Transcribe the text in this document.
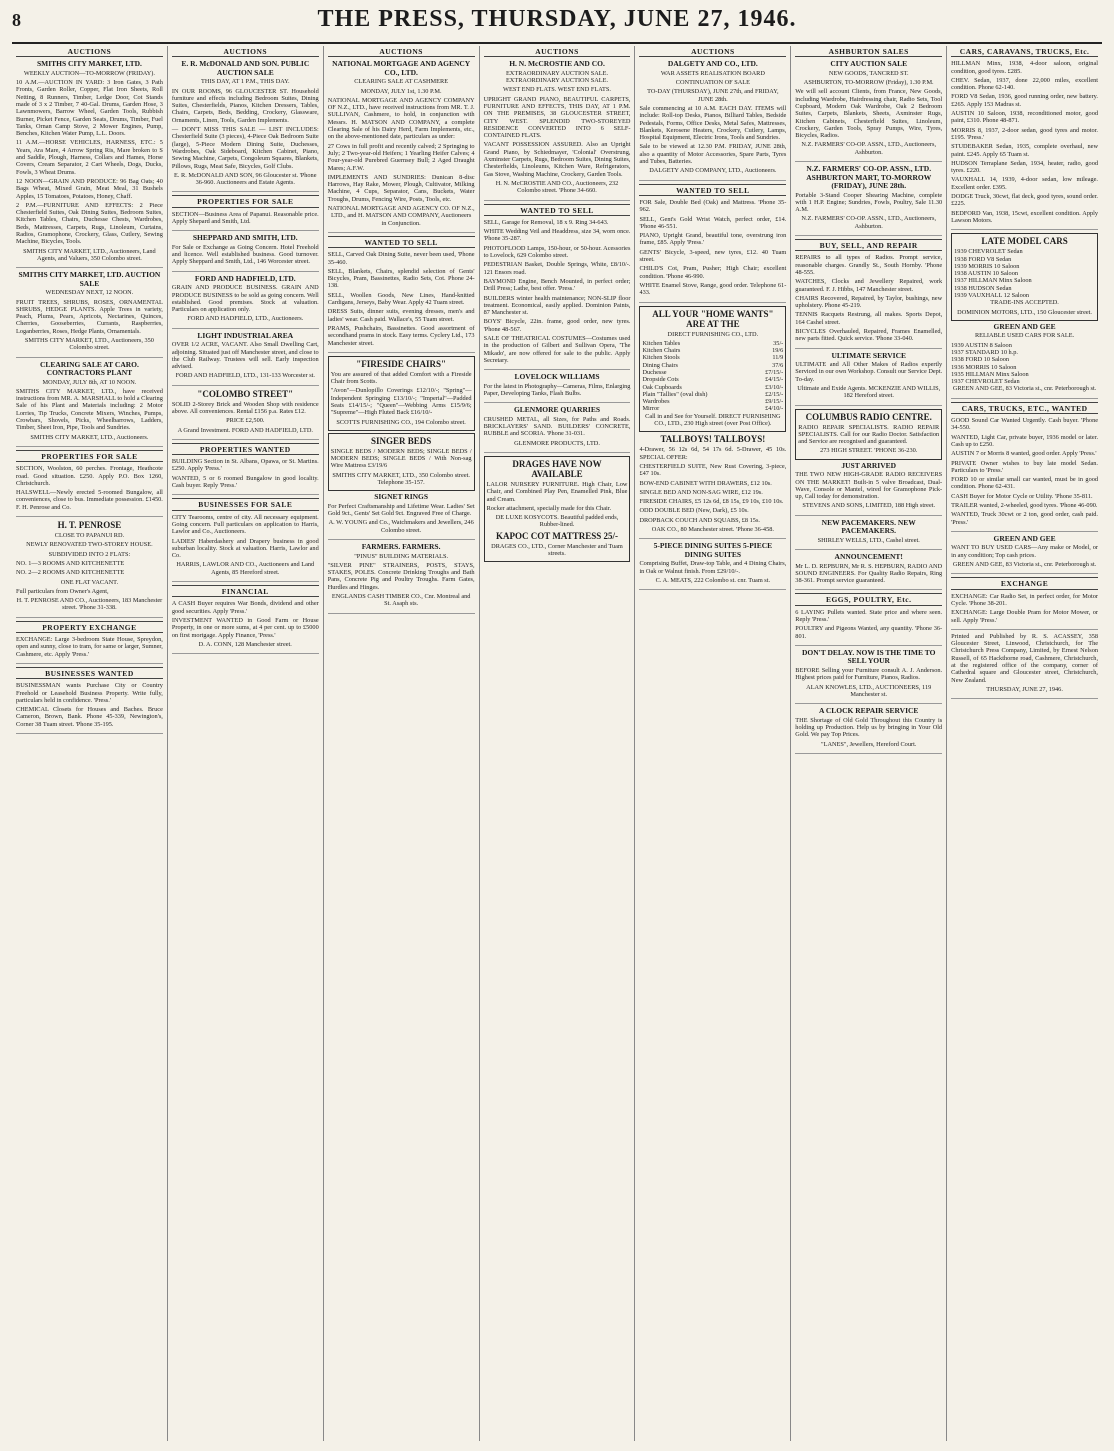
8	THE PRESS, THURSDAY, JUNE 27, 1946.
AUCTIONS
SMITHS CITY MARKET, LTD.

WEEKLY AUCTION—TO-MORROW (FRIDAY).

10 A.M.—AUCTION IN YARD: 3 Iron Gates, 3 Path Fronts, Garden Roller, Copper, Flat Iron Sheets, Roll Netting, 8 Runners, Timber, Ledge Door, Cot Stands made of 3 x 2 Timber, 7 40-Gal. Drums, Garden Hose, 3 Lawnmowers, Barrow Wheel, Garden Tools, Rubbish Burner, Picket Fence, Garden Seats, Drums, Timber, Fuel Tanks, Ornan Camp Stove, 2 Mower Engines, Pump, Benches, Kitchen Water Pump, L.L. Doors.

11 A.M.—HORSE VEHICLES, HARNESS, ETC.: 5 Years, Ara Mare, 4 Arrow Spring Ris, Mare broken to S and Saddle, Plough, Harness, Collars and Hames, Horse Covers, Cream Separator, 2 Cart Wheels, Dogs, Ducks, Fowls, 3 Wheat Drums.

12 NOON—GRAIN AND PRODUCE: 96 Bag Oats; 40 Bags Wheat, Mixed Grain, Meat Meal, 31 Bushels Apples, 15 Tomatoes, Potatoes, Honey, Chaff.

2 P.M.—FURNITURE AND EFFECTS: 2 Piece Chesterfield Suites, Oak Dining Suites, Bedroom Suites, Kitchen Tables, Chairs, Duchesse Chests, Wardrobes, Beds, Mattresses, Carpets, Rugs, Linoleum, Curtains, Radios, Gramophone, Crockery, Glass, Cutlery, Sewing Machine, Bicycles, Tools.

SMITHS CITY MARKET, LTD., Auctioneers, Land Agents, and Valuers, 350 Colombo street.

SMITHS CITY MARKET, LTD. AUCTION SALE

WEDNESDAY NEXT, 12 NOON.

FRUIT TREES, SHRUBS, ROSES, ORNAMENTAL SHRUBS, HEDGE PLANTS. Apple Trees in variety, Peach, Plums, Pears, Apricots, Nectarines, Quinces, Cherries, Gooseberries, Currants, Raspberries, Loganberries, Roses, Hedge Plants, Ornamentals.

SMITHS CITY MARKET, LTD., Auctioneers, 350 Colombo street.

CLEARING SALE AT CARO. CONTRACTORS PLANT

MONDAY, JULY 8th, AT 10 NOON.

SMITHS CITY MARKET, LTD., have received instructions from MR. A. MARSHALL to hold a Clearing Sale of his Plant and Materials including: 2 Motor Lorries, Tip Trucks, Concrete Mixers, Winches, Pumps, Crowbars, Shovels, Picks, Wheelbarrows, Ladders, Timber, Sheet Iron, Pipe, Tools and Sundries.

SMITHS CITY MARKET, LTD., Auctioneers.

PROPERTIES FOR SALE

SECTION, Woolston, 60 perches. Frontage, Heathcote road. Good situation. £250. Apply P.O. Box 1260, Christchurch.

HALSWELL—Newly erected 5-roomed Bungalow, all conveniences, close to bus. Immediate possession. £1450. F. H. Penrose and Co.

H. T. PENROSE

CLOSE TO PAPANUI RD.

NEWLY RENOVATED TWO-STOREY HOUSE.

SUBDIVIDED INTO 2 FLATS:

NO. 1—3 ROOMS AND KITCHENETTE

NO. 2—2 ROOMS AND KITCHENETTE

ONE FLAT VACANT.

Full particulars from Owner's Agent,

H. T. PENROSE AND CO., Auctioneers, 183 Manchester street. 'Phone 31-338.

PROPERTY EXCHANGE

EXCHANGE: Large 3-bedroom State House, Spreydon, open and sunny, close to tram, for same or larger, Sumner, Cashmere, etc. Apply 'Press.'

BUSINESSES WANTED

BUSINESSMAN wants Purchase City or Country Freehold or Leasehold Business Property. Write fully, particulars held in confidence. 'Press.'

CHEMICAL Closets for Houses and Baches. Bruce Cameron, Brown, Bank. Phone 45-339, Newington's, Corner 38 Tuam street. 'Phone 35-195.

AUCTIONS
E. R. McDONALD AND SON. PUBLIC AUCTION SALE

THIS DAY, AT 1 P.M., THIS DAY.

IN OUR ROOMS, 96 GLOUCESTER ST. Household furniture and effects including Bedroom Suites, Dining Suites, Chesterfields, Pianos, Kitchen Dressers, Tables, Chairs, Carpets, Beds, Bedding, Crockery, Glassware, Ornaments, Linen, Tools, Garden Implements.

— DON'T MISS THIS SALE — LIST INCLUDES: Chesterfield Suite (3 pieces), 4-Piece Oak Bedroom Suite (large), 5-Piece Modern Dining Suite, Duchesses, Wardrobes, Oak Sideboard, Kitchen Cabinet, Piano, Sewing Machine, Carpets, Congoleum Squares, Blankets, Pillows, Rugs, Meat Safe, Bicycles, Golf Clubs.

E. R. McDONALD AND SON, 96 Gloucester st. 'Phone 36-960. Auctioneers and Estate Agents.

PROPERTIES FOR SALE

SECTION—Business Area of Papanui. Reasonable price. Apply Shepard and Smith, Ltd.

SHEPPARD AND SMITH, LTD.

For Sale or Exchange as Going Concern. Hotel Freehold and licence. Well established business. Good turnover. Apply Sheppard and Smith, Ltd., 146 Worcester street.

FORD AND HADFIELD, LTD.

GRAIN AND PRODUCE BUSINESS. GRAIN AND PRODUCE BUSINESS to be sold as going concern. Well established. Good premises. Stock at valuation. Particulars on application only.

FORD AND HADFIELD, LTD., Auctioneers.

LIGHT INDUSTRIAL AREA

OVER 1/2 ACRE, VACANT. Also Small Dwelling Cart, adjoining. Situated just off Manchester street, and close to the Club Railway. Trustees will sell. Early inspection advised.

FORD AND HADFIELD, LTD., 131-133 Worcester st.

"COLOMBO STREET"

SOLID 2-Storey Brick and Wooden Shop with residence above. All conveniences. Rental £156 p.a. Rates £12.

PRICE £2,500.

A Grand Investment. FORD AND HADFIELD, LTD.

PROPERTIES WANTED

BUILDING Section in St. Albans, Opawa, or St. Martins. £250. Apply 'Press.'

WANTED, 5 or 6 roomed Bungalow in good locality. Cash buyer. Reply 'Press.'

BUSINESSES FOR SALE

CITY Tearooms, centre of city. All necessary equipment. Going concern. Full particulars on application to Harris, Lawlor and Co., Auctioneers.

LADIES' Haberdashery and Drapery business in good suburban locality. Stock at valuation. Harris, Lawlor and Co.

HARRIS, LAWLOR AND CO., Auctioneers and Land Agents, 85 Hereford street.

FINANCIAL

A CASH Buyer requires War Bonds, dividend and other good securities. Apply 'Press.'

INVESTMENT WANTED in Good Farm or House Property, in one or more sums, at 4 per cent. up to £5000 on first mortgage. Apply Finance, 'Press.'

D. A. CONN, 128 Manchester street.

AUCTIONS
NATIONAL MORTGAGE AND AGENCY CO., LTD.

CLEARING SALE AT CASHMERE

MONDAY, JULY 1st, 1.30 P.M.

NATIONAL MORTGAGE AND AGENCY COMPANY OF N.Z., LTD., have received instructions from MR. T. J. SULLIVAN, Cashmere, to hold, in conjunction with Messrs. H. MATSON AND COMPANY, a complete Clearing Sale of his Dairy Herd, Farm Implements, etc., on the above-mentioned date, particulars as under:

27 Cows in full profit and recently calved; 2 Springing to July; 2 Two-year-old Heifers; 1 Yearling Heifer Calves; 4 Four-year-old Purebred Guernsey Bull; 2 Aged Draught Mares; A.F.W.

IMPLEMENTS AND SUNDRIES: Dunican 8-disc Harrows, Hay Rake, Mower, Plough, Cultivator, Milking Machine, 4 Cups, Separator, Cans, Buckets, Water Troughs, Drums, Fencing Wire, Posts, Tools, etc.

NATIONAL MORTGAGE AND AGENCY CO. OF N.Z., LTD., and H. MATSON AND COMPANY, Auctioneers in Conjunction.

WANTED TO SELL

SELL, Carved Oak Dining Suite, never been used, 'Phone 35-460.

SELL, Blankets, Chairs, splendid selection of Gents' Bicycles, Pram, Bassinettes, Radio Sets, Cot. Phone 24-138.

SELL, Woollen Goods, New Lines, Hand-knitted Cardigans, Jerseys, Baby Wear. Apply 42 Tuam street.

DRESS Suits, dinner suits, evening dresses, men's and ladies' wear. Cash paid. Wallace's, 55 Tuam street.

PRAMS, Pushchairs, Bassinettes. Good assortment of secondhand prams in stock. Easy terms. Cyclery Ltd., 173 Manchester street.

"FIRESIDE CHAIRS"

You are assured of that added Comfort with a Fireside Chair from Scotts.

"Avon"—Dunlopillo Coverings £12/10/-; "Spring"—Independent Springing £13/10/-; "Imperial"—Padded Seats £14/15/-; "Queen"—Webbing Arms £15/9/6; "Supreme"—High Fluted Back £16/10/-

SCOTTS FURNISHING CO., 194 Colombo street.

SINGER BEDS

SINGLE BEDS / MODERN BEDS; SINGLE BEDS / MODERN BEDS; SINGLE BEDS / With Non-sag Wire Mattress £3/19/6

SMITHS CITY MARKET, LTD., 350 Colombo street. Telephone 35-157.

SIGNET RINGS

For Perfect Craftsmanship and Lifetime Wear. Ladies' Set Gold 9ct., Gents' Set Gold 9ct. Engraved Free of Charge.

A. W. YOUNG and Co., Watchmakers and Jewellers, 246 Colombo street.

FARMERS. FARMERS.

"PINUS" BUILDING MATERIALS.

"SILVER PINE" STRAINERS, POSTS, STAYS, STAKES, POLES. Concrete Drinking Troughs and Bath Pans, Concrete Pig and Poultry Troughs. Farm Gates, Hurdles and Hinges.

ENGLANDS CASH TIMBER CO., Cnr. Montreal and St. Asaph sts.

AUCTIONS
H. N. McCROSTIE AND CO.

EXTRAORDINARY AUCTION SALE. EXTRAORDINARY AUCTION SALE.

WEST END FLATS. WEST END FLATS.

UPRIGHT GRAND PIANO, BEAUTIFUL CARPETS, FURNITURE AND EFFECTS, THIS DAY, AT 1 P.M. ON THE PREMISES, 38 GLOUCESTER STREET, CITY WEST. SPLENDID TWO-STOREYED RESIDENCE CONVERTED INTO 6 SELF-CONTAINED FLATS.

VACANT POSSESSION ASSURED. Also an Upright Grand Piano, by Schiedmayer, 'Colonial' Overstrung, Axminster Carpets, Rugs, Bedroom Suites, Dining Suites, Chesterfields, Linoleums, Kitchen Ware, Refrigerators, Gas Stove, Washing Machine, Crockery, Garden Tools.

H. N. McCROSTIE AND CO., Auctioneers, 232 Colombo street. 'Phone 34-660.

WANTED TO SELL

SELL, Garage for Removal, 18 x 9. Ring 34-643.

WHITE Wedding Veil and Headdress, size 34, worn once. 'Phone 35-287.

PHOTOFLOOD Lamps, 150-hour, or 50-hour. Acessories to Lovelock, 629 Colombo street.

PEDESTRIAN Basket, Double Springs, White, £8/10/-. 121 Ensors road.

BAYMOND Engine, Bench Mounted, in perfect order; Drill Press; Lathe, best offer. 'Press.'

BUILDERS winter health maintenance; NON-SLIP floor treatment. Economical, easily applied. Dominion Paints, 87 Manchester st.

BOYS' Bicycle, 22in. frame, good order, new tyres. 'Phone 48-567.

SALE OF THEATRICAL COSTUMES—Costumes used in the production of Gilbert and Sullivan Opera, 'The Mikado', are now offered for sale to the public. Apply Secretary.

LOVELOCK WILLIAMS

For the latest in Photography—Cameras, Films, Enlarging Paper, Developing Tanks, Flash Bulbs.

GLENMORE QUARRIES

CRUSHED METAL, all Sizes, for Paths and Roads. BRICKLAYERS' SAND. BUILDERS' CONCRETE, RUBBLE and SCORIA. 'Phone 31-031.

GLENMORE PRODUCTS, LTD.

DRAGES HAVE NOW AVAILABLE

LALOR NURSERY FURNITURE. High Chair, Low Chair, and Combined Play Pen, Enamelled Pink, Blue and Cream.

Rocker attachment, specially made for this Chair.

DE LUXE KOSYCOTS. Beautiful padded ends, Rubber-lined.

KAPOC COT MATTRESS 25/-

DRAGES CO., LTD., Corner Manchester and Tuam streets.

AUCTIONS
DALGETY AND CO., LTD.

WAR ASSETS REALISATION BOARD

CONTINUATION OF SALE

TO-DAY (THURSDAY), JUNE 27th, and FRIDAY, JUNE 28th.

Sale commencing at 10 A.M. EACH DAY. ITEMS will include: Roll-top Desks, Pianos, Billiard Tables, Bedside Pedestals, Forms, Office Desks, Metal Safes, Mattresses, Blankets, Kerosene Heaters, Crockery, Cutlery, Lamps, Hospital Equipment, Electric Irons, Tools and Sundries.

Sale to be viewed at 12.30 P.M. FRIDAY, JUNE 28th, also a quantity of Motor Accessories, Spare Parts, Tyres and Tubes, Batteries.

DALGETY AND COMPANY, LTD., Auctioneers.

WANTED TO SELL

FOR Sale, Double Bed (Oak) and Mattress. 'Phone 35-962.

SELL, Gent's Gold Wrist Watch, perfect order, £14. 'Phone 46-551.

PIANO, Upright Grand, beautiful tone, overstrung iron frame, £85. Apply 'Press.'

GENTS' Bicycle, 3-speed, new tyres, £12. 40 Tuam street.

CHILD'S Cot, Pram, Pusher; High Chair; excellent condition. 'Phone 46-990.

WHITE Enamel Stove, Range, good order. Telephone 61-433.

ALL YOUR "HOME WANTS" ARE AT THE

DIRECT FURNISHING CO., LTD.

Kitchen Tables	35/-
Kitchen Chairs	19/6
Kitchen Stools	11/9
Dining Chairs	37/6
Duchesse	£7/15/-
Dropside Cots	£4/15/-
Oak Cupboards	£3/10/-
Plain "Tallies" (oval dish)	£2/15/-
Wardrobes	£9/15/-
Mirror	£4/10/-

Call in and See for Yourself. DIRECT FURNISHING CO., LTD., 230 High street (over Post Office).

TALLBOYS! TALLBOYS!

4-Drawer, 56 12s 6d, 54 17s 6d. 5-Drawer, 45 10s. SPECIAL OFFER:

CHESTERFIELD SUITE, New Rust Covering, 3-piece, £47 10s.

BOW-END CABINET WITH DRAWERS, £12 10s.

SINGLE BED AND NON-SAG WIRE, £12 19s.

FIRESIDE CHAIRS, £5 12s 6d, £8 15s, £9 10s, £10 10s.

ODD DOUBLE BED (New, Dark), £5 10s.

DROPBACK COUCH AND SQUABS, £8 15s.

OAK CO., 80 Manchester street. 'Phone 36-458.

5-PIECE DINING SUITES 5-PIECE DINING SUITES

Comprising Buffet, Draw-top Table, and 4 Dining Chairs, in Oak or Walnut finish. From £29/10/-.

C. A. MEATS, 222 Colombo st. cnr. Tuam st.

ASHBURTON SALES
CITY AUCTION SALE

NEW GOODS, TANCRED ST.

ASHBURTON, TO-MORROW (Friday), 1.30 P.M.

We will sell account Clients, from France, New Goods, including Wardrobe, Hairdressing chair, Radio Sets, Tool Cupboard, Modern Oak Wardrobe, Oak 2 Bedroom Suites, Carpets, Blankets, Sheets, Axminster Rugs, Kitchen Cabinets, Chesterfield Suites, Linoleum, Crockery, Garden Tools, Spray Pumps, Wire, Tyres, Bicycles, Radios.

N.Z. FARMERS' CO-OP. ASSN., LTD., Auctioneers, Ashburton.

N.Z. FARMERS' CO-OP. ASSN., LTD. ASHBURTON MART, TO-MORROW (FRIDAY), JUNE 28th.

Portable 3-Stand Cooper Shearing Machine, complete with 1 H.P. Engine; Sundries, Fowls, Poultry, Sale 11.30 A.M.

N.Z. FARMERS' CO-OP. ASSN., LTD., Auctioneers, Ashburton.

BUY, SELL, AND REPAIR

REPAIRS to all types of Radios. Prompt service, reasonable charges. Grandly St., South Hornby. 'Phone 48-555.

WATCHES, Clocks and Jewellery Repaired, work guaranteed. F. J. Hibbs, 147 Manchester street.

CHAIRS Recovered, Repaired, by Taylor, bushings, new upholstery. Phone 45-219.

TENNIS Racquets Restrung, all makes. Sports Depot, 164 Cashel street.

BICYCLES Overhauled, Repaired, Frames Enamelled, new parts fitted. Quick service. 'Phone 33-040.

ULTIMATE SERVICE

ULTIMATE and All Other Makes of Radios expertly Serviced in our own Workshop. Consult our Service Dept. To-day.

Ultimate and Exide Agents. MCKENZIE AND WILLIS, 182 Hereford street.

COLUMBUS RADIO CENTRE.

RADIO REPAIR SPECIALISTS. RADIO REPAIR SPECIALISTS. Call for our Radio Doctor. Satisfaction and Service are recognised and guaranteed.

273 HIGH STREET. 'PHONE 36-230.

JUST ARRIVED

THE TWO NEW HIGH-GRADE RADIO RECEIVERS ON THE MARKET! Built-in 5 valve Broadcast, Dual-Wave, Console or Mantel, wired for Gramophone Pick-up, Call today for demonstration.

STEVENS AND SONS, LIMITED, 188 High street.

NEW PACEMAKERS. NEW PACEMAKERS.

SHIRLEY WELLS, LTD., Cashel street.

ANNOUNCEMENT!

Mr L. D. REPBURN, Mr R. S. HEPBURN, RADIO AND SOUND ENGINEERS. For Quality Radio Repairs, Ring 38-361. Prompt service guaranteed.

EGGS, POULTRY, Etc.

6 LAYING Pullets wanted. State price and where seen. Reply 'Press.'

POULTRY and Pigeons Wanted, any quantity. 'Phone 36-801.

DON'T DELAY. NOW IS THE TIME TO SELL YOUR

BEFORE Selling your Furniture consult A. J. Anderson. Highest prices paid for Furniture, Pianos, Radios.

ALAN KNOWLES, LTD., AUCTIONEERS, 119 Manchester st.

A CLOCK REPAIR SERVICE

THE Shortage of Old Gold Throughout this Country is holding up Production. Help us by bringing in Your Old Gold. We pay Top Prices.

"LANES", Jewellers, Hereford Court.

CARS, CARAVANS, TRUCKS, Etc.

HILLMAN Minx, 1938, 4-door saloon, original condition, good tyres. £285.

CHEV. Sedan, 1937, done 22,000 miles, excellent condition. Phone 62-140.

FORD V8 Sedan, 1936, good running order, new battery. £265. Apply 153 Madras st.

AUSTIN 10 Saloon, 1938, reconditioned motor, good paint, £310. Phone 48-871.

MORRIS 8, 1937, 2-door sedan, good tyres and motor. £195. 'Press.'

STUDEBAKER Sedan, 1935, complete overhaul, new paint. £245. Apply 65 Tuam st.

HUDSON Terraplane Sedan, 1934, heater, radio, good tyres. £220.

VAUXHALL 14, 1939, 4-door sedan, low mileage. Excellent order. £395.

DODGE Truck, 30cwt, flat deck, good tyres, sound order. £225.

BEDFORD Van, 1938, 15cwt, excellent condition. Apply Lawson Motors.

LATE MODEL CARS

1939 CHEVROLET Sedan
1938 FORD V8 Sedan
1939 MORRIS 10 Saloon
1938 AUSTIN 10 Saloon
1937 HILLMAN Minx Saloon
1938 HUDSON Sedan
1939 VAUXHALL 12 Saloon

TRADE-INS ACCEPTED.

DOMINION MOTORS, LTD., 150 Gloucester street.

GREEN AND GEE

RELIABLE USED CARS FOR SALE.

1939 AUSTIN 8 Saloon
1937 STANDARD 10 h.p.
1938 FORD 10 Saloon
1936 MORRIS 10 Saloon
1935 HILLMAN Minx Saloon
1937 CHEVROLET Sedan

GREEN AND GEE, 83 Victoria st., cnr. Peterborough st.

CARS, TRUCKS, ETC., WANTED

GOOD Sound Car Wanted Urgently. Cash buyer. 'Phone 34-550.

WANTED, Light Car, private buyer, 1936 model or later. Cash up to £250.

AUSTIN 7 or Morris 8 wanted, good order. Apply 'Press.'

PRIVATE Owner wishes to buy late model Sedan. Particulars to 'Press.'

FORD 10 or similar small car wanted, must be in good condition. Phone 62-431.

CASH Buyer for Motor Cycle or Utility. 'Phone 35-811.

TRAILER wanted, 2-wheeled, good tyres. 'Phone 46-090.

WANTED, Truck 30cwt or 2 ton, good order, cash paid. 'Press.'

GREEN AND GEE

WANT TO BUY USED CARS—Any make or Model, or in any condition; Top cash prices.

GREEN AND GEE, 83 Victoria st., cnr. Peterborough st.

EXCHANGE

EXCHANGE: Car Radio Set, in perfect order, for Motor Cycle. 'Phone 38-201.

EXCHANGE: Large Double Pram for Motor Mower, or sell. Apply 'Press.'

Printed and Published by R. S. ACASSEY, 358 Gloucester Street, Linwood, Christchurch, for The Christchurch Press Company, Limited, by Ernest Nelson Russell, of 65 Hackthorne road, Cashmere, Christchurch, at the registered office of the company, corner of Cathedral square and Gloucester street, Christchurch, New Zealand.

THURSDAY, JUNE 27, 1946.
